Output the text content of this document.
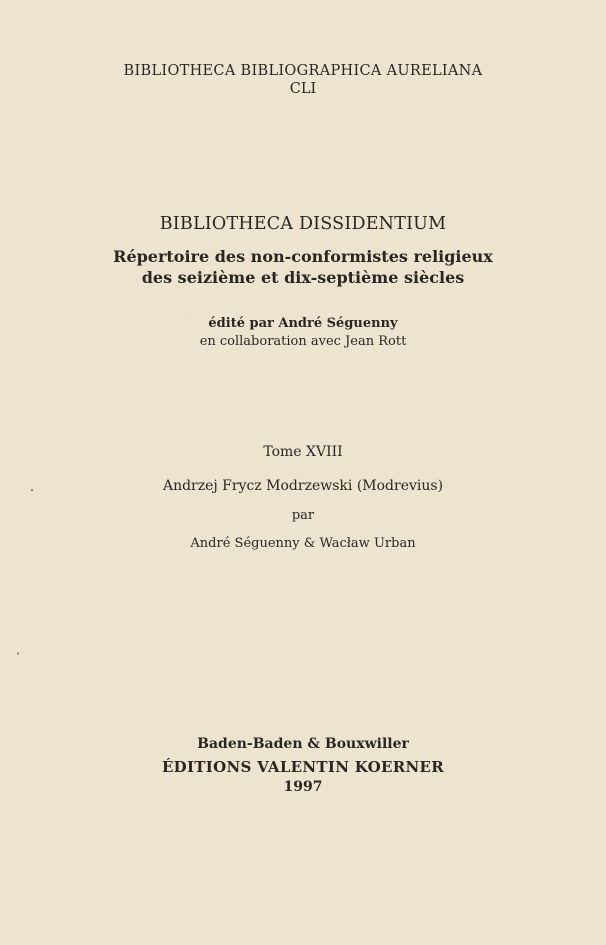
BIBLIOTHECA BIBLIOGRAPHICA AURELIANA
CLI
BIBLIOTHECA DISSIDENTIUM
Répertoire des non-conformistes religieux
des seizième et dix-septième siècles
édité par André Séguenny
en collaboration avec Jean Rott
Tome XVIII
Andrzej Frycz Modrzewski (Modrevius)
par
André Séguenny & Wacław Urban
Baden-Baden & Bouxwiller
ÉDITIONS VALENTIN KOERNER
1997
